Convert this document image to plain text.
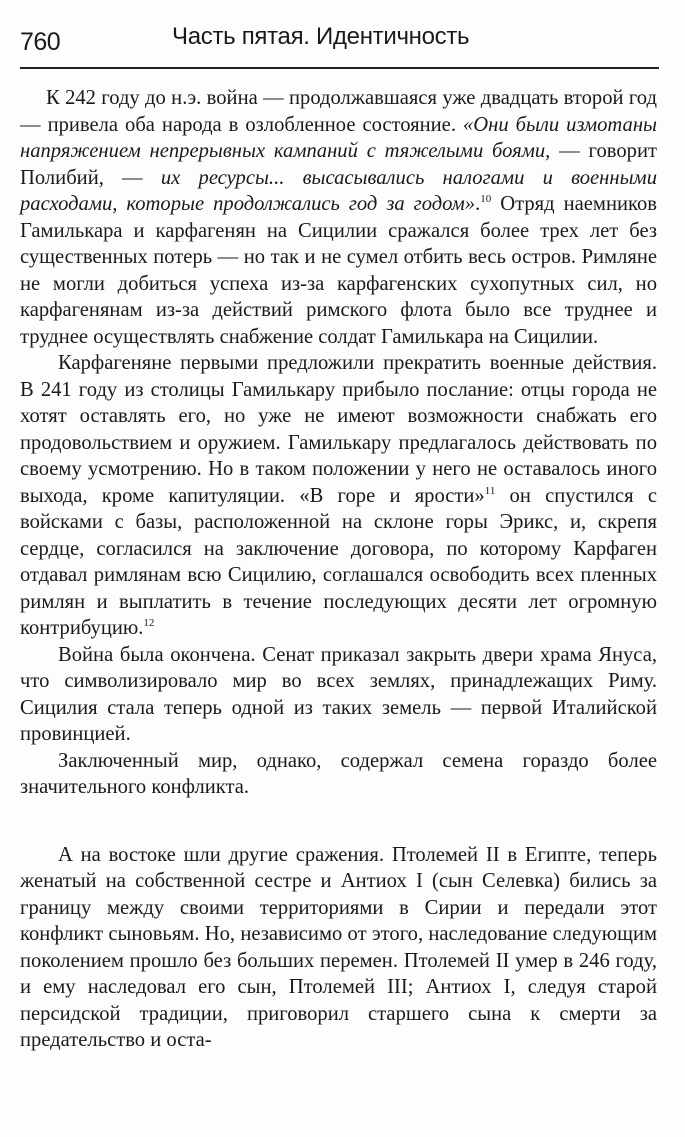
760	Часть пятая. Идентичность

К 242 году до н.э. война — продолжавшаяся уже двадцать второй год — привела оба народа в озлобленное состояние. «Они были измотаны напряжением непрерывных кампаний с тяжелыми боями, — говорит Полибий, — их ресурсы... высасывались налогами и военными расходами, которые продолжались год за годом».$^{10}$ Отряд наемников Гамилькара и карфагенян на Сицилии сражался более трех лет без существенных потерь — но так и не сумел отбить весь остров. Римляне не могли добиться успеха из-за карфагенских сухопутных сил, но карфагенянам из-за действий римского флота было все труднее и труднее осуществлять снабжение солдат Гамилькара на Сицилии.

Карфагеняне первыми предложили прекратить военные действия. В 241 году из столицы Гамилькару прибыло послание: отцы города не хотят оставлять его, но уже не имеют возможности снабжать его продовольствием и оружием. Гамилькару предлагалось действовать по своему усмотрению. Но в таком положении у него не оставалось иного выхода, кроме капитуляции. «В горе и ярости»$^{11}$ он спустился с войсками с базы, расположенной на склоне горы Эрикс, и, скрепя сердце, согласился на заключение договора, по которому Карфаген отдавал римлянам всю Сицилию, соглашался освободить всех пленных римлян и выплатить в течение последующих десяти лет огромную контрибуцию.$^{12}$

Война была окончена. Сенат приказал закрыть двери храма Януса, что символизировало мир во всех землях, принадлежащих Риму. Сицилия стала теперь одной из таких земель — первой Италийской провинцией.

Заключенный мир, однако, содержал семена гораздо более значительного конфликта.

А на востоке шли другие сражения. Птолемей II в Египте, теперь женатый на собственной сестре и Антиох I (сын Селевка) бились за границу между своими территориями в Сирии и передали этот конфликт сыновьям. Но, независимо от этого, наследование следующим поколением прошло без больших перемен. Птолемей II умер в 246 году, и ему наследовал его сын, Птолемей III; Антиох I, следуя старой персидской традиции, приговорил старшего сына к смерти за предательство и оста-
